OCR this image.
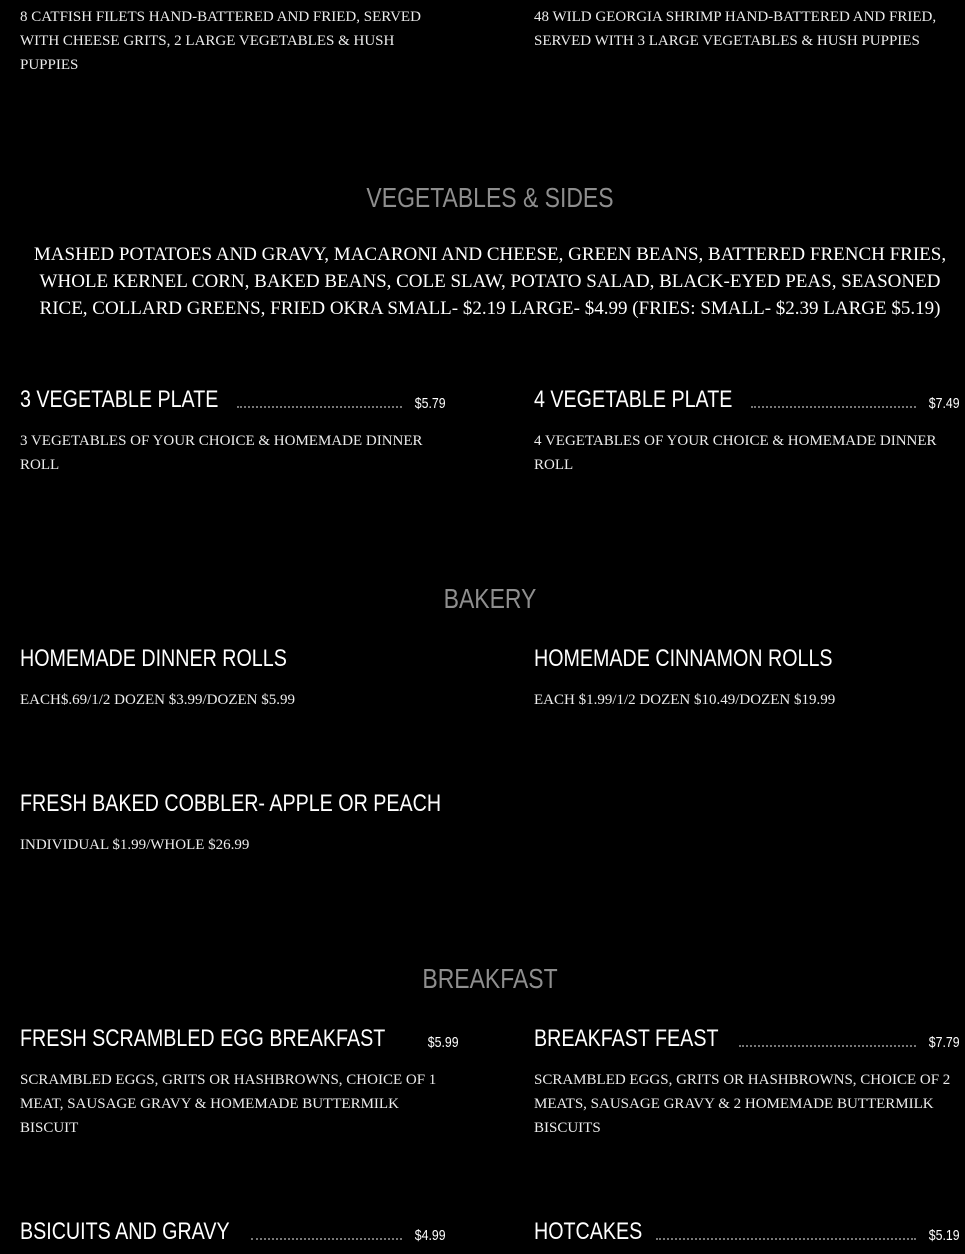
8 CATFISH FILETS HAND-BATTERED AND FRIED, SERVED WITH CHEESE GRITS, 2 LARGE VEGETABLES & HUSH PUPPIES
48 WILD GEORGIA SHRIMP HAND-BATTERED AND FRIED, SERVED WITH 3 LARGE VEGETABLES & HUSH PUPPIES
VEGETABLES & SIDES
MASHED POTATOES AND GRAVY, MACARONI AND CHEESE, GREEN BEANS, BATTERED FRENCH FRIES, WHOLE KERNEL CORN, BAKED BEANS, COLE SLAW, POTATO SALAD, BLACK-EYED PEAS, SEASONED RICE, COLLARD GREENS, FRIED OKRA SMALL- $2.19 LARGE- $4.99 (FRIES: SMALL- $2.39 LARGE $5.19)
3 VEGETABLE PLATE	$5.79
3 VEGETABLES OF YOUR CHOICE & HOMEMADE DINNER ROLL
4 VEGETABLE PLATE	$7.49
4 VEGETABLES OF YOUR CHOICE & HOMEMADE DINNER ROLL
BAKERY
HOMEMADE DINNER ROLLS
EACH$.69/1/2 DOZEN $3.99/DOZEN $5.99
HOMEMADE CINNAMON ROLLS
EACH $1.99/1/2 DOZEN $10.49/DOZEN $19.99
FRESH BAKED COBBLER- APPLE OR PEACH
INDIVIDUAL $1.99/WHOLE $26.99
BREAKFAST
FRESH SCRAMBLED EGG BREAKFAST	$5.99
SCRAMBLED EGGS, GRITS OR HASHBROWNS, CHOICE OF 1 MEAT, SAUSAGE GRAVY & HOMEMADE BUTTERMILK BISCUIT
BREAKFAST FEAST	$7.79
SCRAMBLED EGGS, GRITS OR HASHBROWNS, CHOICE OF 2 MEATS, SAUSAGE GRAVY & 2 HOMEMADE BUTTERMILK BISCUITS
BSICUITS AND GRAVY	$4.99	HOTCAKES	$5.19
